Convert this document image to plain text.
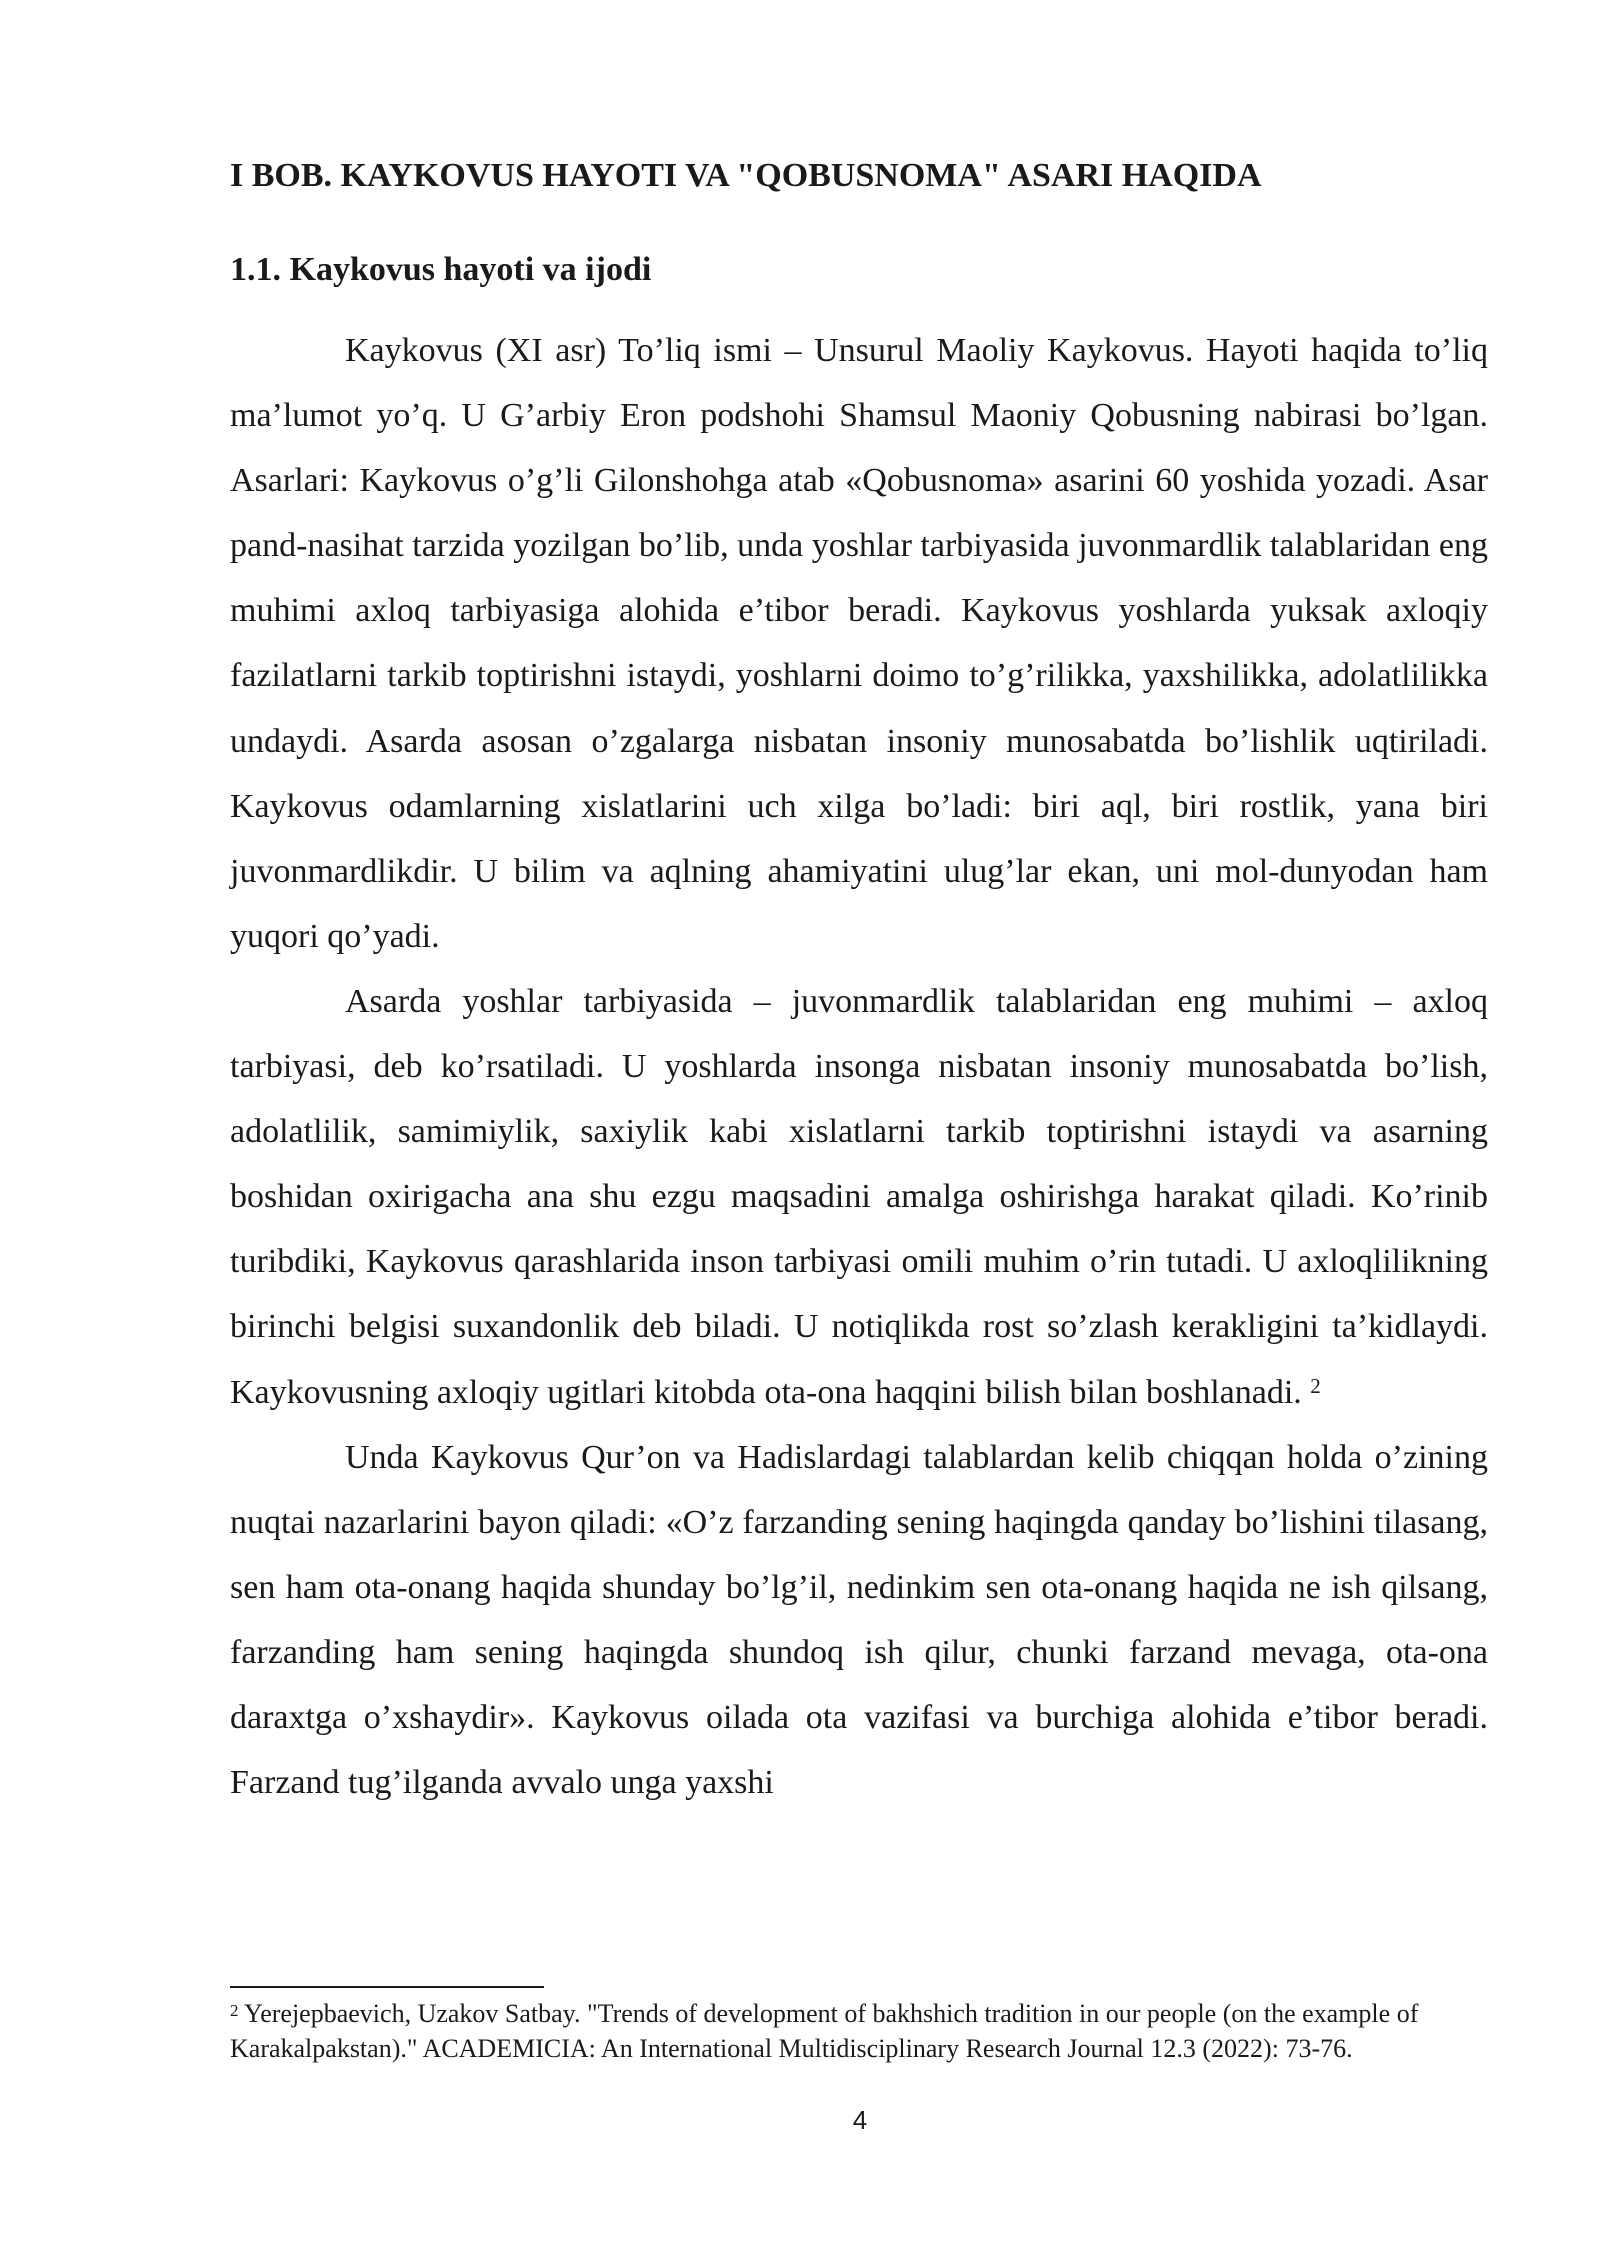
I BOB. KAYKOVUS HAYOTI VA "QOBUSNOMA" ASARI HAQIDA
1.1. Kaykovus hayoti va ijodi

Kaykovus (XI asr) To’liq ismi – Unsurul Maoliy Kaykovus. Hayoti haqida to’liq ma’lumot yo’q. U G’arbiy Eron podshohi Shamsul Maoniy Qobusning nabirasi bo’lgan. Asarlari: Kaykovus o’g’li Gilonshohga atab «Qobusnoma» asarini 60 yoshida yozadi. Asar pand-nasihat tarzida yozilgan bo’lib, unda yoshlar tarbiyasida juvonmardlik talablaridan eng muhimi axloq tarbiyasiga alohida e’tibor beradi. Kaykovus yoshlarda yuksak axloqiy fazilatlarni tarkib toptirishni istaydi, yoshlarni doimo to’g’rilikka, yaxshilikka, adolatlilikka undaydi. Asarda asosan o’zgalarga nisbatan insoniy munosabatda bo’lishlik uqtiriladi. Kaykovus odamlarning xislatlarini uch xilga bo’ladi: biri aql, biri rostlik, yana biri juvonmardlikdir. U bilim va aqlning ahamiyatini ulug’lar ekan, uni mol-dunyodan ham yuqori qo’yadi.

Asarda yoshlar tarbiyasida – juvonmardlik talablaridan eng muhimi – axloq tarbiyasi, deb ko’rsatiladi. U yoshlarda insonga nisbatan insoniy munosabatda bo’lish, adolatlilik, samimiylik, saxiylik kabi xislatlarni tarkib toptirishni istaydi va asarning boshidan oxirigacha ana shu ezgu maqsadini amalga oshirishga harakat qiladi. Ko’rinib turibdiki, Kaykovus qarashlarida inson tarbiyasi omili muhim o’rin tutadi. U axloqlilikning birinchi belgisi suxandonlik deb biladi. U notiqlikda rost so’zlash kerakligini ta’kidlaydi. Kaykovusning axloqiy ugitlari kitobda ota-ona haqqini bilish bilan boshlanadi. $^2$

Unda Kaykovus Qur’on va Hadislardagi talablardan kelib chiqqan holda o’zining nuqtai nazarlarini bayon qiladi: «O’z farzanding sening haqingda qanday bo’lishini tilasang, sen ham ota-onang haqida shunday bo’lg’il, nedinkim sen ota-onang haqida ne ish qilsang, farzanding ham sening haqingda shundoq ish qilur, chunki farzand mevaga, ota-ona daraxtga o’xshaydir». Kaykovus oilada ota vazifasi va burchiga alohida e’tibor beradi. Farzand tug’ilganda avvalo unga yaxshi

$^2$ Yerejepbaevich, Uzakov Satbay. "Trends of development of bakhshich tradition in our people (on the example of Karakalpakstan)." ACADEMICIA: An International Multidisciplinary Research Journal 12.3 (2022): 73-76.

4
